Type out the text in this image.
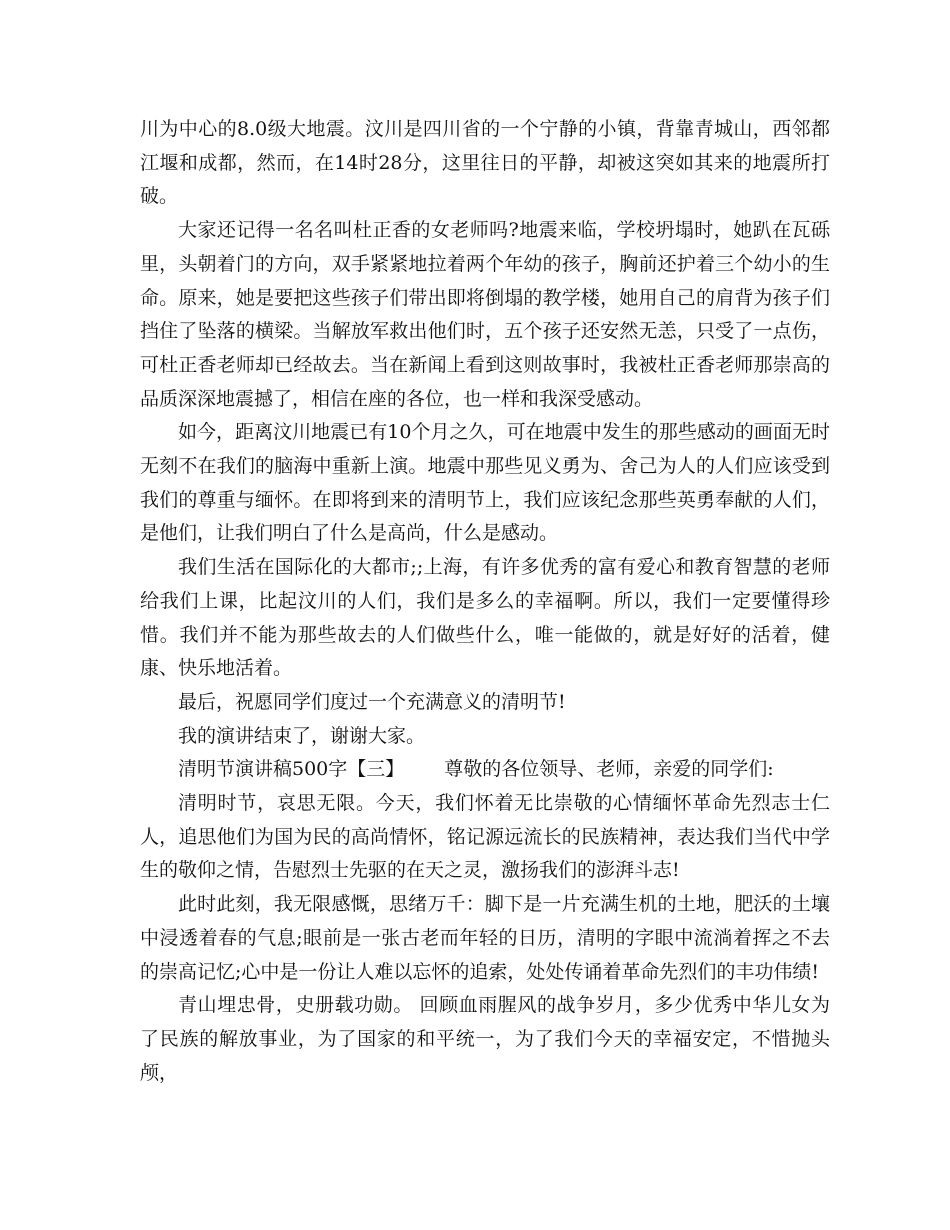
川为中心的8.0级大地震。汶川是四川省的一个宁静的小镇，背靠青城山，西邻都江堰和成都，然而，在14时28分，这里往日的平静，却被这突如其来的地震所打破。

大家还记得一名名叫杜正香的女老师吗?地震来临，学校坍塌时，她趴在瓦砾里，头朝着门的方向，双手紧紧地拉着两个年幼的孩子，胸前还护着三个幼小的生命。原来，她是要把这些孩子们带出即将倒塌的教学楼，她用自己的肩背为孩子们挡住了坠落的横梁。当解放军救出他们时，五个孩子还安然无恙，只受了一点伤，可杜正香老师却已经故去。当在新闻上看到这则故事时，我被杜正香老师那崇高的品质深深地震撼了，相信在座的各位，也一样和我深受感动。

如今，距离汶川地震已有10个月之久，可在地震中发生的那些感动的画面无时无刻不在我们的脑海中重新上演。地震中那些见义勇为、舍己为人的人们应该受到我们的尊重与缅怀。在即将到来的清明节上，我们应该纪念那些英勇奉献的人们，是他们，让我们明白了什么是高尚，什么是感动。

我们生活在国际化的大都市;;上海，有许多优秀的富有爱心和教育智慧的老师给我们上课，比起汶川的人们，我们是多么的幸福啊。所以，我们一定要懂得珍惜。我们并不能为那些故去的人们做些什么，唯一能做的，就是好好的活着，健康、快乐地活着。

最后，祝愿同学们度过一个充满意义的清明节!

我的演讲结束了，谢谢大家。

清明节演讲稿500字【三】 尊敬的各位领导、老师，亲爱的同学们:

清明时节，哀思无限。今天，我们怀着无比崇敬的心情缅怀革命先烈志士仁人，追思他们为国为民的高尚情怀，铭记源远流长的民族精神，表达我们当代中学生的敬仰之情，告慰烈士先驱的在天之灵，激扬我们的澎湃斗志!

此时此刻，我无限感慨，思绪万千：脚下是一片充满生机的土地，肥沃的土壤中浸透着春的气息;眼前是一张古老而年轻的日历，清明的字眼中流淌着挥之不去的崇高记忆;心中是一份让人难以忘怀的追索，处处传诵着革命先烈们的丰功伟绩!

青山埋忠骨，史册载功勋。 回顾血雨腥风的战争岁月，多少优秀中华儿女为了民族的解放事业，为了国家的和平统一，为了我们今天的幸福安定，不惜抛头颅，
